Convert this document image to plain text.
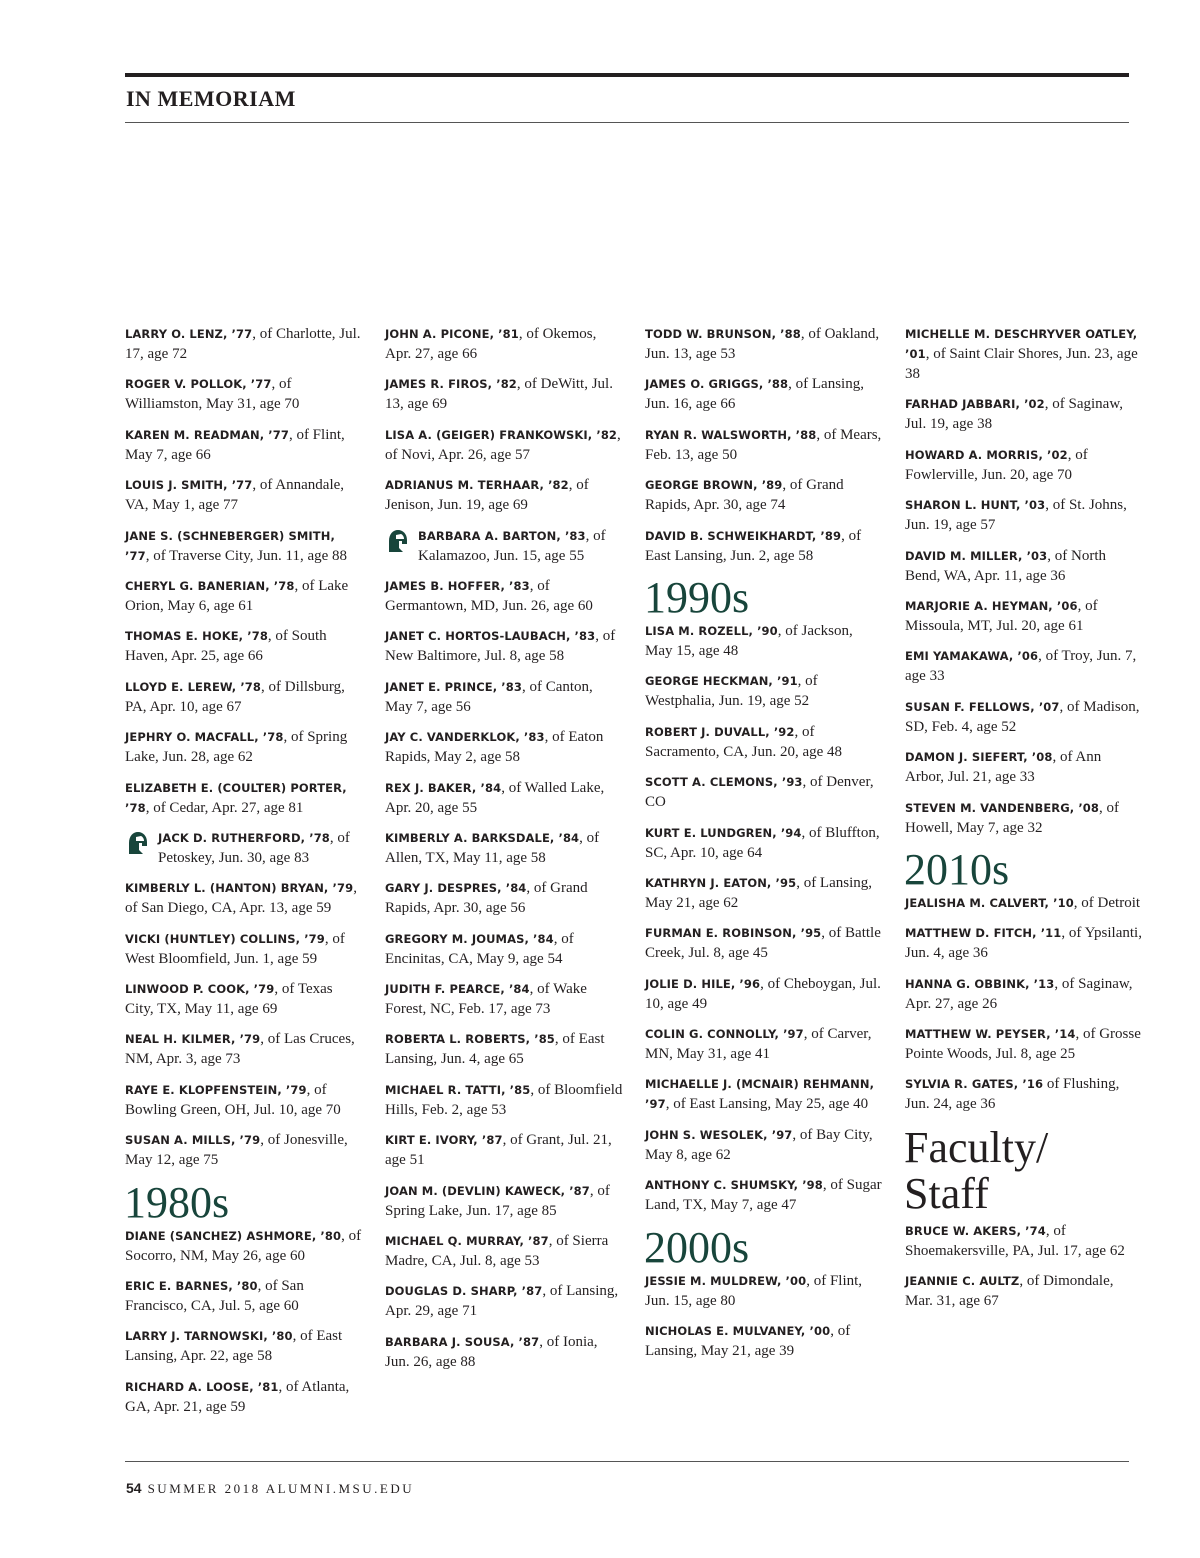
IN MEMORIAM
LARRY O. LENZ, ’77, of Charlotte, Jul. 17, age 72
ROGER V. POLLOK, ’77, of Williamston, May 31, age 70
KAREN M. READMAN, ’77, of Flint, May 7, age 66
LOUIS J. SMITH, ’77, of Annandale, VA, May 1, age 77
JANE S. (SCHNEBERGER) SMITH, ’77, of Traverse City, Jun. 11, age 88
CHERYL G. BANERIAN, ’78, of Lake Orion, May 6, age 61
THOMAS E. HOKE, ’78, of South Haven, Apr. 25, age 66
LLOYD E. LEREW, ’78, of Dillsburg, PA, Apr. 10, age 67
JEPHRY O. MACFALL, ’78, of Spring Lake, Jun. 28, age 62
ELIZABETH E. (COULTER) PORTER, ’78, of Cedar, Apr. 27, age 81
JACK D. RUTHERFORD, ’78, of Petoskey, Jun. 30, age 83
KIMBERLY L. (HANTON) BRYAN, ’79, of San Diego, CA, Apr. 13, age 59
VICKI (HUNTLEY) COLLINS, ’79, of West Bloomfield, Jun. 1, age 59
LINWOOD P. COOK, ’79, of Texas City, TX, May 11, age 69
NEAL H. KILMER, ’79, of Las Cruces, NM, Apr. 3, age 73
RAYE E. KLOPFENSTEIN, ’79, of Bowling Green, OH, Jul. 10, age 70
SUSAN A. MILLS, ’79, of Jonesville, May 12, age 75
1980s
DIANE (SANCHEZ) ASHMORE, ’80, of Socorro, NM, May 26, age 60
ERIC E. BARNES, ’80, of San Francisco, CA, Jul. 5, age 60
LARRY J. TARNOWSKI, ’80, of East Lansing, Apr. 22, age 58
RICHARD A. LOOSE, ’81, of Atlanta, GA, Apr. 21, age 59
JOHN A. PICONE, ’81, of Okemos, Apr. 27, age 66
JAMES R. FIROS, ’82, of DeWitt, Jul. 13, age 69
LISA A. (GEIGER) FRANKOWSKI, ’82, of Novi, Apr. 26, age 57
ADRIANUS M. TERHAAR, ’82, of Jenison, Jun. 19, age 69
BARBARA A. BARTON, ’83, of Kalamazoo, Jun. 15, age 55
JAMES B. HOFFER, ’83, of Germantown, MD, Jun. 26, age 60
JANET C. HORTOS-LAUBACH, ’83, of New Baltimore, Jul. 8, age 58
JANET E. PRINCE, ’83, of Canton, May 7, age 56
JAY C. VANDERKLOK, ’83, of Eaton Rapids, May 2, age 58
REX J. BAKER, ’84, of Walled Lake, Apr. 20, age 55
KIMBERLY A. BARKSDALE, ’84, of Allen, TX, May 11, age 58
GARY J. DESPRES, ’84, of Grand Rapids, Apr. 30, age 56
GREGORY M. JOUMAS, ’84, of Encinitas, CA, May 9, age 54
JUDITH F. PEARCE, ’84, of Wake Forest, NC, Feb. 17, age 73
ROBERTA L. ROBERTS, ’85, of East Lansing, Jun. 4, age 65
MICHAEL R. TATTI, ’85, of Bloomfield Hills, Feb. 2, age 53
KIRT E. IVORY, ’87, of Grant, Jul. 21, age 51
JOAN M. (DEVLIN) KAWECK, ’87, of Spring Lake, Jun. 17, age 85
MICHAEL Q. MURRAY, ’87, of Sierra Madre, CA, Jul. 8, age 53
DOUGLAS D. SHARP, ’87, of Lansing, Apr. 29, age 71
BARBARA J. SOUSA, ’87, of Ionia, Jun. 26, age 88
TODD W. BRUNSON, ’88, of Oakland, Jun. 13, age 53
JAMES O. GRIGGS, ’88, of Lansing, Jun. 16, age 66
RYAN R. WALSWORTH, ’88, of Mears, Feb. 13, age 50
GEORGE BROWN, ’89, of Grand Rapids, Apr. 30, age 74
DAVID B. SCHWEIKHARDT, ’89, of East Lansing, Jun. 2, age 58
1990s
LISA M. ROZELL, ’90, of Jackson, May 15, age 48
GEORGE HECKMAN, ’91, of Westphalia, Jun. 19, age 52
ROBERT J. DUVALL, ’92, of Sacramento, CA, Jun. 20, age 48
SCOTT A. CLEMONS, ’93, of Denver, CO
KURT E. LUNDGREN, ’94, of Bluffton, SC, Apr. 10, age 64
KATHRYN J. EATON, ’95, of Lansing, May 21, age 62
FURMAN E. ROBINSON, ’95, of Battle Creek, Jul. 8, age 45
JOLIE D. HILE, ’96, of Cheboygan, Jul. 10, age 49
COLIN G. CONNOLLY, ’97, of Carver, MN, May 31, age 41
MICHAELLE J. (MCNAIR) REHMANN, ’97, of East Lansing, May 25, age 40
JOHN S. WESOLEK, ’97, of Bay City, May 8, age 62
ANTHONY C. SHUMSKY, ’98, of Sugar Land, TX, May 7, age 47
2000s
JESSIE M. MULDREW, ’00, of Flint, Jun. 15, age 80
NICHOLAS E. MULVANEY, ’00, of Lansing, May 21, age 39
MICHELLE M. DESCHRYVER OATLEY, ’01, of Saint Clair Shores, Jun. 23, age 38
FARHAD JABBARI, ’02, of Saginaw, Jul. 19, age 38
HOWARD A. MORRIS, ’02, of Fowlerville, Jun. 20, age 70
SHARON L. HUNT, ’03, of St. Johns, Jun. 19, age 57
DAVID M. MILLER, ’03, of North Bend, WA, Apr. 11, age 36
MARJORIE A. HEYMAN, ’06, of Missoula, MT, Jul. 20, age 61
EMI YAMAKAWA, ’06, of Troy, Jun. 7, age 33
SUSAN F. FELLOWS, ’07, of Madison, SD, Feb. 4, age 52
DAMON J. SIEFERT, ’08, of Ann Arbor, Jul. 21, age 33
STEVEN M. VANDENBERG, ’08, of Howell, May 7, age 32
2010s
JEALISHA M. CALVERT, ’10, of Detroit
MATTHEW D. FITCH, ’11, of Ypsilanti, Jun. 4, age 36
HANNA G. OBBINK, ’13, of Saginaw, Apr. 27, age 26
MATTHEW W. PEYSER, ’14, of Grosse Pointe Woods, Jul. 8, age 25
SYLVIA R. GATES, ’16 of Flushing, Jun. 24, age 36
Faculty/ Staff
BRUCE W. AKERS, ’74, of Shoemakersville, PA, Jul. 17, age 62
JEANNIE C. AULTZ, of Dimondale, Mar. 31, age 67
54 SUMMER 2018 ALUMNI.MSU.EDU
